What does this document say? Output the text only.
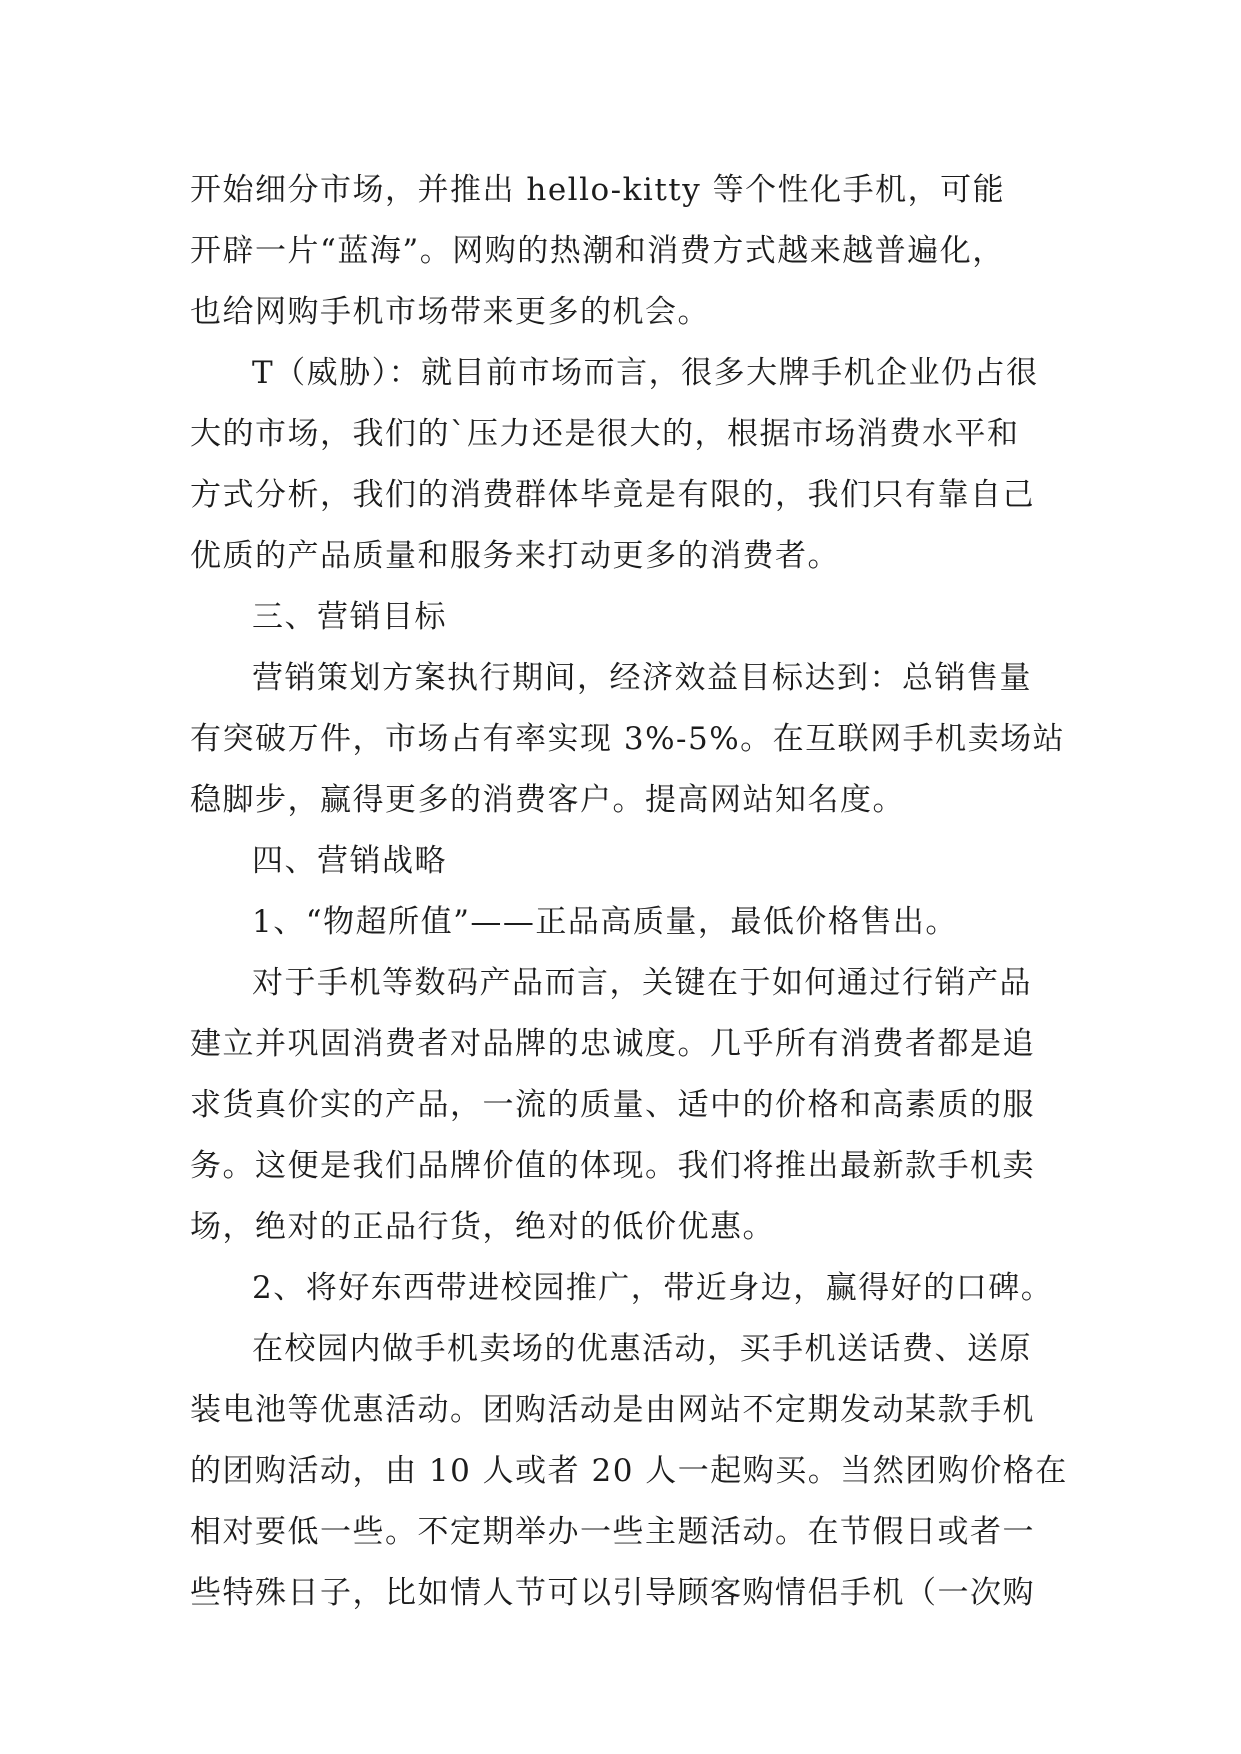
开始细分市场，并推出 hello-kitty 等个性化手机，可能
开辟一片“蓝海”。网购的热潮和消费方式越来越普遍化，
也给网购手机市场带来更多的机会。
T（威胁）：就目前市场而言，很多大牌手机企业仍占很
大的市场，我们的`压力还是很大的，根据市场消费水平和
方式分析，我们的消费群体毕竟是有限的，我们只有靠自己
优质的产品质量和服务来打动更多的消费者。
三、营销目标
营销策划方案执行期间，经济效益目标达到：总销售量
有突破万件，市场占有率实现 3%-5%。在互联网手机卖场站
稳脚步，赢得更多的消费客户。提高网站知名度。
四、营销战略
1、“物超所值”——正品高质量，最低价格售出。
对于手机等数码产品而言，关键在于如何通过行销产品
建立并巩固消费者对品牌的忠诚度。几乎所有消费者都是追
求货真价实的产品，一流的质量、适中的价格和高素质的服
务。这便是我们品牌价值的体现。我们将推出最新款手机卖
场，绝对的正品行货，绝对的低价优惠。
2、将好东西带进校园推广，带近身边，赢得好的口碑。
在校园内做手机卖场的优惠活动，买手机送话费、送原
装电池等优惠活动。团购活动是由网站不定期发动某款手机
的团购活动，由 10 人或者 20 人一起购买。当然团购价格在
相对要低一些。不定期举办一些主题活动。在节假日或者一
些特殊日子，比如情人节可以引导顾客购情侣手机（一次购
